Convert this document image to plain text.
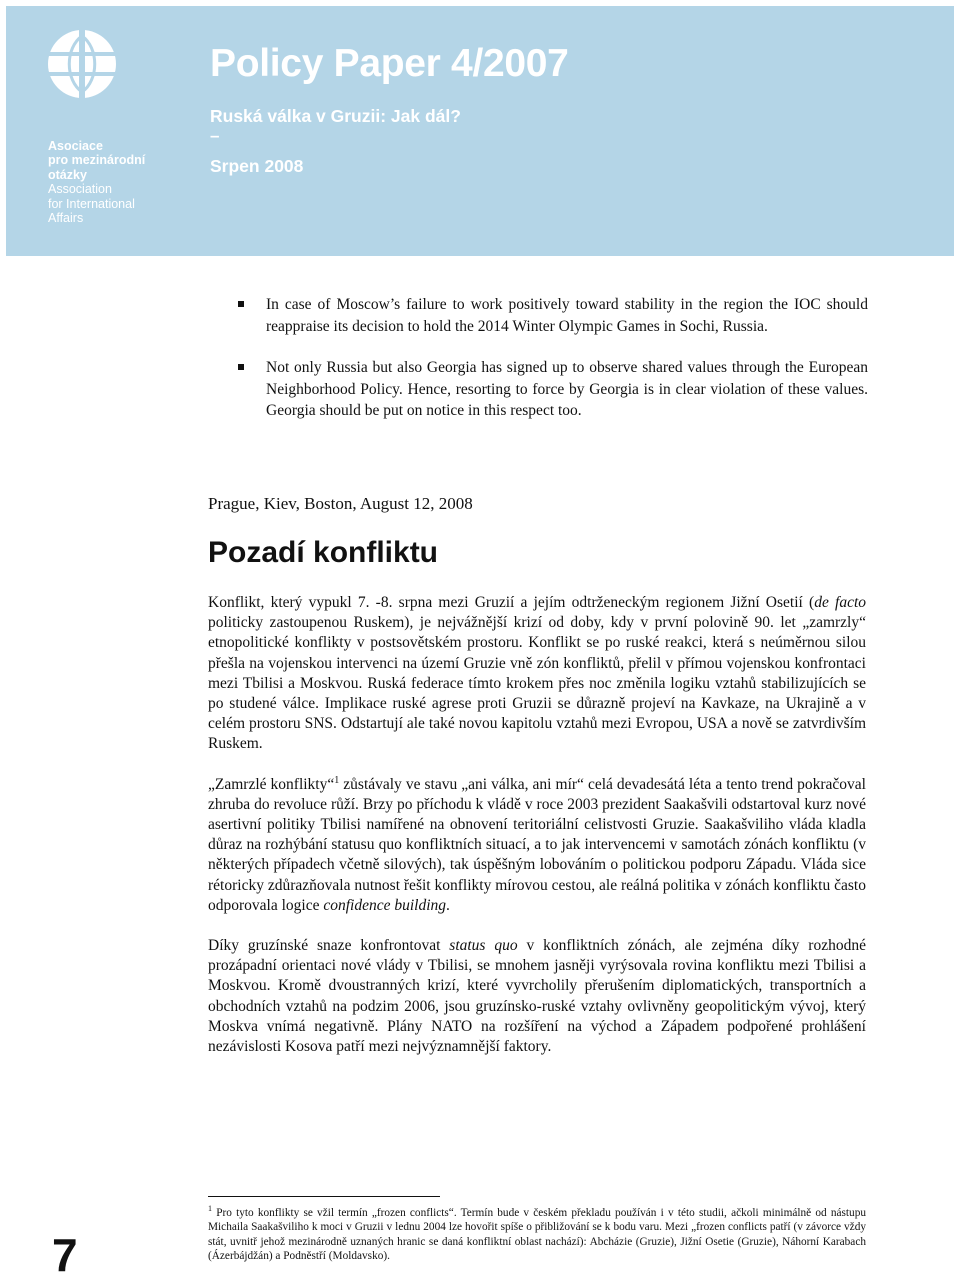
Asociace
pro mezinárodní
otázky
Association
for International
Affairs
Policy Paper 4/2007
Ruská válka v Gruzii: Jak dál?
–
Srpen 2008
In case of Moscow’s failure to work positively toward stability in the region the IOC should reappraise its decision to hold the 2014 Winter Olympic Games in Sochi, Russia.
Not only Russia but also Georgia has signed up to observe shared values through the European Neighborhood Policy. Hence, resorting to force by Georgia is in clear violation of these values. Georgia should be put on notice in this respect too.
Prague, Kiev, Boston, August 12, 2008
Pozadí konfliktu

Konflikt, který vypukl 7. -8. srpna mezi Gruzií a jejím odtrženeckým regionem Jižní Osetií (de facto politicky zastoupenou Ruskem), je nejvážnější krizí od doby, kdy v první polovině 90. let „zamrzly“ etnopolitické konflikty v postsovětském prostoru. Konflikt se po ruské reakci, která s neúměrnou silou přešla na vojenskou intervenci na území Gruzie vně zón konfliktů, přelil v přímou vojenskou konfrontaci mezi Tbilisi a Moskvou. Ruská federace tímto krokem přes noc změnila logiku vztahů stabilizujících se po studené válce. Implikace ruské agrese proti Gruzii se důrazně projeví na Kavkaze, na Ukrajině a v celém prostoru SNS. Odstartují ale také novou kapitolu vztahů mezi Evropou, USA a nově se zatvrdivším Ruskem.

„Zamrzlé konflikty“$^1$ zůstávaly ve stavu „ani válka, ani mír“ celá devadesátá léta a tento trend pokračoval zhruba do revoluce růží. Brzy po příchodu k vládě v roce 2003 prezident Saakašvili odstartoval kurz nové asertivní politiky Tbilisi namířené na obnovení teritoriální celistvosti Gruzie. Saakašviliho vláda kladla důraz na rozhýbání statusu quo konfliktních situací, a to jak intervencemi v samotách zónách konfliktu (v některých případech včetně silových), tak úspěšným lobováním o politickou podporu Západu. Vláda sice rétoricky zdůrazňovala nutnost řešit konflikty mírovou cestou, ale reálná politika v zónách konfliktu často odporovala logice confidence building.

Díky gruzínské snaze konfrontovat status quo v konfliktních zónách, ale zejména díky rozhodné prozápadní orientaci nové vlády v Tbilisi, se mnohem jasněji vyrýsovala rovina konfliktu mezi Tbilisi a Moskvou. Kromě dvoustranných krizí, které vyvrcholily přerušením diplomatických, transportních a obchodních vztahů na podzim 2006, jsou gruzínsko-ruské vztahy ovlivněny geopolitickým vývoj, který Moskva vnímá negativně. Plány NATO na rozšíření na východ a Západem podpořené prohlášení nezávislosti Kosova patří mezi nejvýznamnější faktory.

$^1$ Pro tyto konflikty se vžil termín „frozen conflicts“. Termín bude v českém překladu používán i v této studii, ačkoli minimálně od nástupu Michaila Saakašviliho k moci v Gruzii v lednu 2004 lze hovořit spíše o přibližování se k bodu varu. Mezi „frozen conflicts patří (v závorce vždy stát, uvnitř jehož mezinárodně uznaných hranic se daná konfliktní oblast nachází): Abcházie (Gruzie), Jižní Osetie (Gruzie), Náhorní Karabach (Ázerbájdžán) a Podněstří (Moldavsko).

7
